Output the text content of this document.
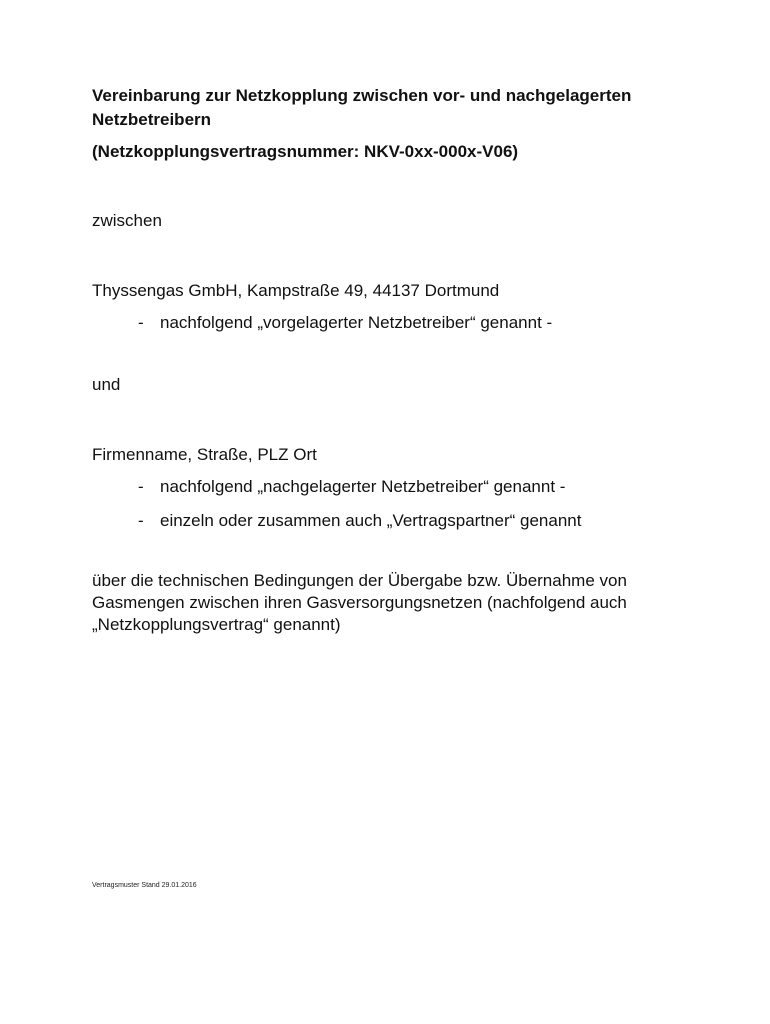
Vereinbarung zur Netzkopplung zwischen vor- und nachgelagerten Netzbetreibern

(Netzkopplungsvertragsnummer: NKV-0xx-000x-V06)

zwischen

Thyssengas GmbH, Kampstraße 49, 44137 Dortmund

- nachfolgend „vorgelagerter Netzbetreiber“ genannt -

und

Firmenname, Straße, PLZ Ort

- nachfolgend „nachgelagerter Netzbetreiber“ genannt -
- einzeln oder zusammen auch „Vertragspartner“ genannt
über die technischen Bedingungen der Übergabe bzw. Übernahme von
Gasmengen zwischen ihren Gasversorgungsnetzen (nachfolgend auch
„Netzkopplungsvertrag“ genannt)
Vertragsmuster Stand 29.01.2016
